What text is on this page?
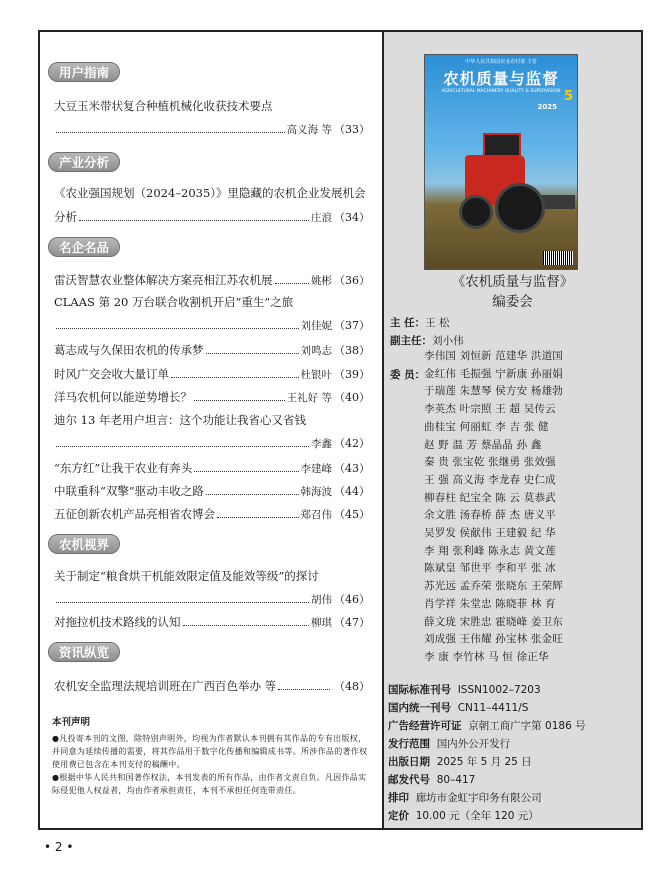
用户指南
大豆玉米带状复合种植机械化收获技术要点
高义海 等 （33）
产业分析
《农业强国规划（2024–2035）》里隐藏的农机企业发展机会
分析	庄浪 （34）
名企名品
雷沃智慧农业整体解决方案亮相江苏农机展	姚彬 （36）
CLAAS 第 20 万台联合收割机开启“重生”之旅
刘佳妮 （37）
葛志成与久保田农机的传承梦	刘鸣志 （38）
时风广交会收大量订单	杜银叶 （39）
洋马农机何以能逆势增长？	王礼好 等 （40）
迪尔 13 年老用户坦言：这个功能让我省心又省钱
李鑫 （42）
“东方红”让我干农业有奔头	李建峰 （43）
中联重科“双擎”驱动丰收之路	韩海波 （44）
五征创新农机产品亮相省农博会	郑召伟 （45）
农机视界
关于制定“粮食烘干机能效限定值及能效等级”的探讨
胡伟 （46）
对拖拉机技术路线的认知	柳琪 （47）
资讯纵览
农机安全监理法规培训班在广西百色举办 等	（48）
本刊声明

●凡投寄本刊的文图，除特别声明外，均视为作者默认本刊拥有其作品的专有出版权，并同意为延续传播的需要，将其作品用于数字化传播和编辑成书等。所涉作品的著作权使用费已包含在本刊支付的稿酬中。

●根据中华人民共和国著作权法，本刊发表的所有作品，由作者文责自负。凡因作品实际侵犯他人权益者，均由作者承担责任，本刊不承担任何连带责任。

中华人民共和国农业农村部 主管
农机质量与监督
AGRICULTURAL MACHINERY QUALITY & SUPERVISION 5
2025
《农机质量与监督》
编委会
主 任：王 松
副主任：刘小伟
委 员：
李伟国 刘恒新 范建华 洪道国
金红伟 毛振强 宁新康 孙丽娟
于瑞莲 朱慧琴 侯方安 杨雄勃
李英杰 叶宗照 王 超 吴传云
曲桂宝 何丽虹 李 吉 张 健
赵 野 温 芳 蔡晶晶 孙 鑫
秦 贵 张宝乾 张继勇 张效强
王 强 高义海 李龙春 史仁成
柳春柱 纪宝全 陈 云 莫恭武
余文胜 汤春桥 薛 杰 唐义平
吴罗发 侯献伟 王建毅 纪 华
李 翔 张利峰 陈永志 黄文莲
陈斌皇 邹世平 李和平 张 冰
苏光远 孟乔荣 张晓东 王荣辉
肖学祥 朱堂忠 陈晓菲 林 育
薛文珑 宋胜忠 霍晓峰 姜卫东
刘成强 王伟耀 孙宝林 张金旺
李 康 李竹林 马 恒 徐正华
国际标准刊号 ISSN1002–7203
国内统一刊号 CN11–4411/S
广告经营许可证 京朝工商广字第 0186 号
发行范围 国内外公开发行
出版日期 2025 年 5 月 25 日
邮发代号 80–417
排印 廊坊市金虹宇印务有限公司
定价 10.00 元（全年 120 元）
• 2 •
